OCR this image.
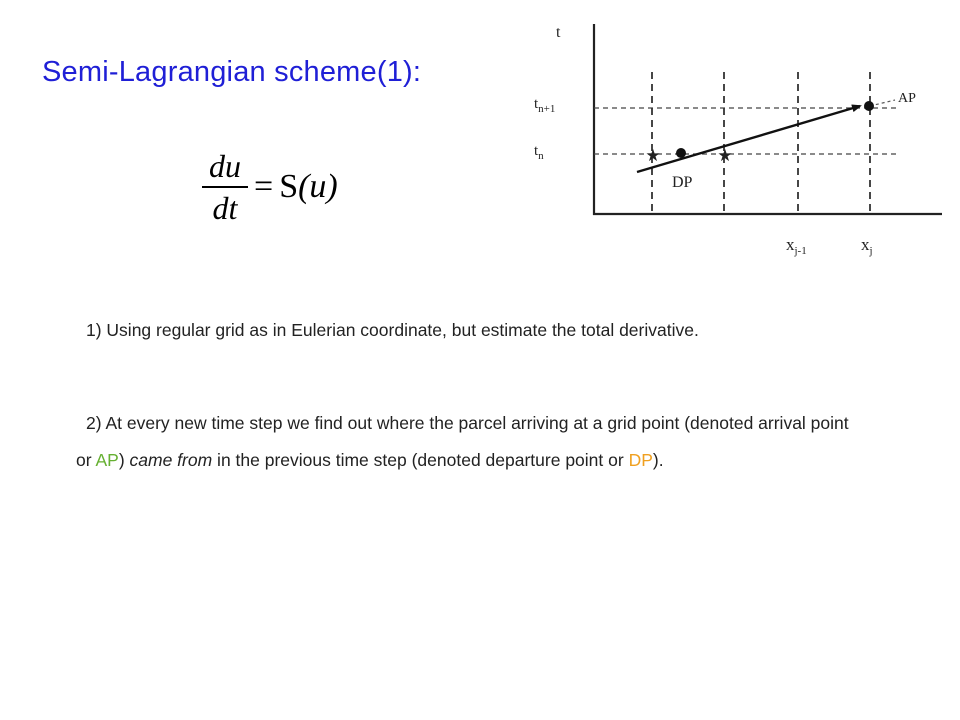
Semi-Lagrangian scheme(1):
$\frac{du}{dt} = S(u)$
★	★
t
$t_{n+1}$
$t_n$
$x_{j-1}$	$x_j$
AP
DP

1) Using regular grid as in Eulerian coordinate, but estimate the total derivative.

2) At every new time step we find out where the parcel arriving at a grid point (denoted arrival point or AP) came from in the previous time step (denoted departure point or DP).
